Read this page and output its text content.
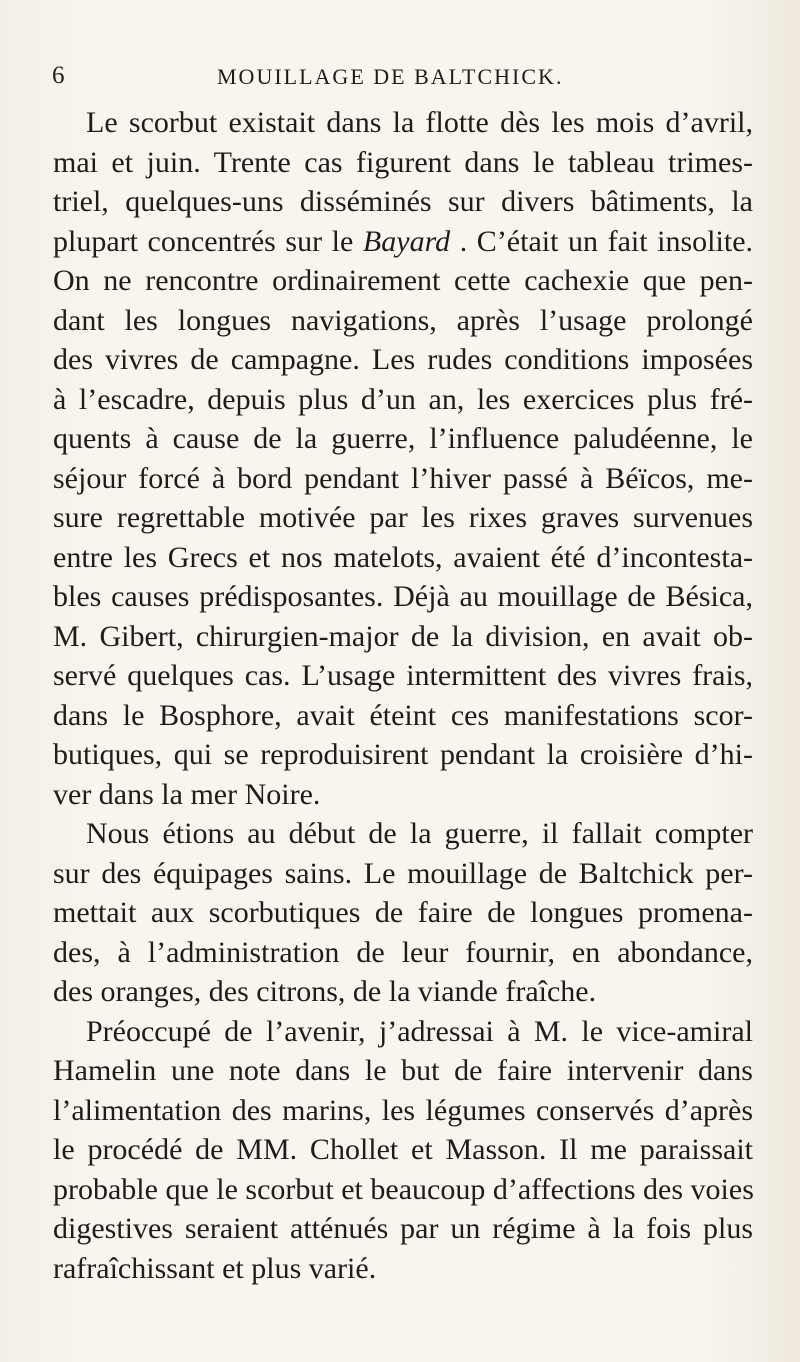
6	MOUILLAGE DE BALTCHICK.
Le scorbut existait dans la flotte dès les mois d’avril,
mai et juin. Trente cas figurent dans le tableau trimes-
triel, quelques-uns disséminés sur divers bâtiments, la
plupart concentrés sur le Bayard . C’était un fait insolite.
On ne rencontre ordinairement cette cachexie que pen-
dant les longues navigations, après l’usage prolongé
des vivres de campagne. Les rudes conditions imposées
à l’escadre, depuis plus d’un an, les exercices plus fré-
quents à cause de la guerre, l’influence paludéenne, le
séjour forcé à bord pendant l’hiver passé à Béïcos, me-
sure regrettable motivée par les rixes graves survenues
entre les Grecs et nos matelots, avaient été d’incontesta-
bles causes prédisposantes. Déjà au mouillage de Bésica,
M. Gibert, chirurgien-major de la division, en avait ob-
servé quelques cas. L’usage intermittent des vivres frais,
dans le Bosphore, avait éteint ces manifestations scor-
butiques, qui se reproduisirent pendant la croisière d’hi-
ver dans la mer Noire.
Nous étions au début de la guerre, il fallait compter
sur des équipages sains. Le mouillage de Baltchick per-
mettait aux scorbutiques de faire de longues promena-
des, à l’administration de leur fournir, en abondance,
des oranges, des citrons, de la viande fraîche.
Préoccupé de l’avenir, j’adressai à M. le vice-amiral
Hamelin une note dans le but de faire intervenir dans
l’alimentation des marins, les légumes conservés d’après
le procédé de MM. Chollet et Masson. Il me paraissait
probable que le scorbut et beaucoup d’affections des voies
digestives seraient atténués par un régime à la fois plus
rafraîchissant et plus varié.
